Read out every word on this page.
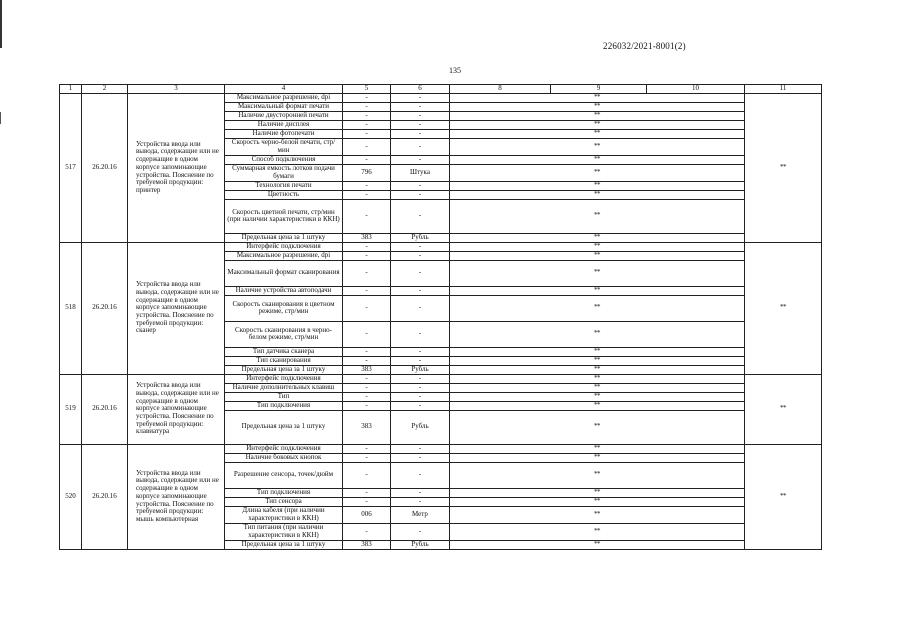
226032/2021-8001(2)
135
1	2	3	4	5	6		8	9	10	11
517	26.20.16	Устройства ввода или вывода, содержащие или не содержащие в одном корпусе запоминающие устройства. Пояснение по требуемой продукции: принтер	Максимальное разрешение, dpi	-	-	**			**
			Максимальный формат печати	-	-	**			
			Наличие двусторонней печати	-	-	**			
			Наличие дисплея	-	-	**			
			Наличие фотопечати	-	-	**			
			Скорость черно-белой печати, стр/мин	-	-	**			
			Способ подключения	-	-	**			
			Суммарная емкость лотков подачи бумаги	796	Штука	**			
			Технология печати	-	-	**			
			Цветность	-	-	**			
			Скорость цветной печати, стр/мин (при наличии характеристики в ККН)	-	-	**			
			Предельная цена за 1 штуку	383	Рубль	**			
518	26.20.16	Устройства ввода или вывода, содержащие или не содержащие в одном корпусе запоминающие устройства. Пояснение по требуемой продукции: сканер	Интерфейс подключения	-	-	**			**
			Максимальное разрешение, dpi	-	-	**			
			Максимальный формат сканирования	-	-	**			
			Наличие устройства автоподачи	-	-	**			
			Скорость сканирования в цветном режиме, стр/мин	-	-	**			
			Скорость сканирования в черно-белом режиме, стр/мин	-	-	**			
			Тип датчика сканера	-	-	**			
			Тип сканирования	-	-	**			
			Предельная цена за 1 штуку	383	Рубль	**			
519	26.20.16	Устройства ввода или вывода, содержащие или не содержащие в одном корпусе запоминающие устройства. Пояснение по требуемой продукции: клавиатура	Интерфейс подключения	-	-	**			**
			Наличие дополнительных клавиш	-	-	**			
			Тип	-	-	**			
			Тип подключения	-	-	**			
			Предельная цена за 1 штуку	383	Рубль	**			
520	26.20.16	Устройства ввода или вывода, содержащие или не содержащие в одном корпусе запоминающие устройства. Пояснение по требуемой продукции: мышь компьютерная	Интерфейс подключения	-	-	**			**
			Наличие боковых кнопок	-	-	**			
			Разрешение сенсора, точек/дюйм	-	-	**			
			Тип подключения	-	-	**			
			Тип сенсора	-	-	**			
			Длина кабеля (при наличии характеристики в ККН)	006	Метр	**			
			Тип питания (при наличии характеристики в ККН)	-	-	**			
			Предельная цена за 1 штуку	383	Рубль	**			
